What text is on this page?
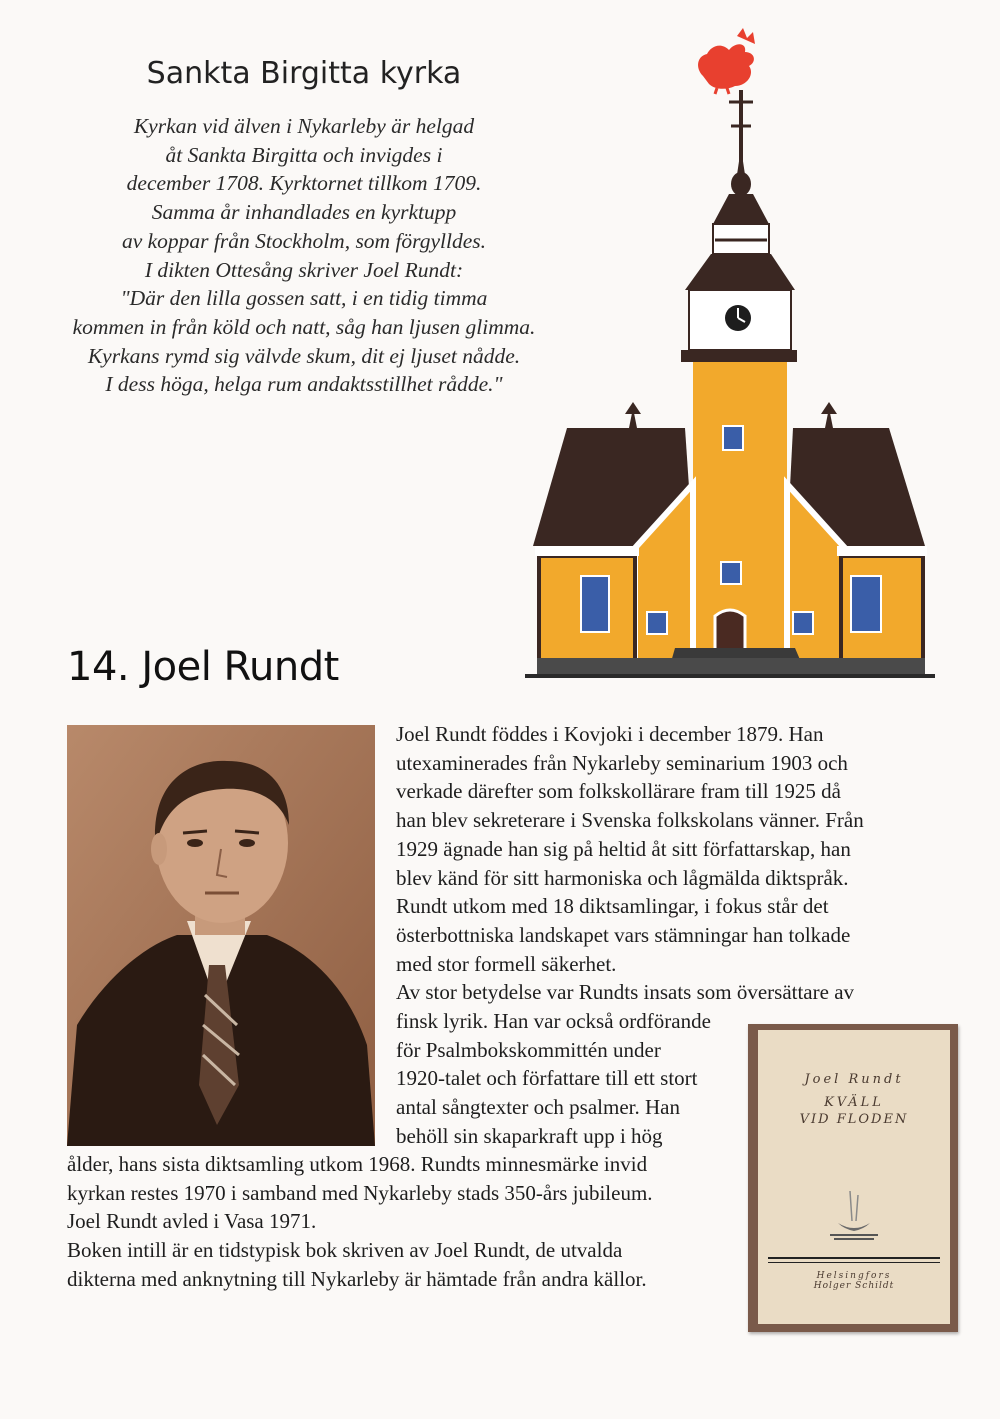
Sankta Birgitta kyrka
Kyrkan vid älven i Nykarleby är helgad
åt Sankta Birgitta och invigdes i
december 1708. Kyrktornet tillkom 1709.
Samma år inhandlades en kyrktupp
av koppar från Stockholm, som förgylldes.
I dikten Ottesång skriver Joel Rundt:
"Där den lilla gossen satt, i en tidig timma
kommen in från köld och natt, såg han ljusen glimma.
Kyrkans rymd sig välvde skum, dit ej ljuset nådde.
I dess höga, helga rum andaktsstillhet rådde."
14. Joel Rundt
Joel Rundt föddes i Kovjoki i december 1879. Han
utexaminerades från Nykarleby seminarium 1903 och
verkade därefter som folkskollärare fram till 1925 då
han blev sekreterare i Svenska folkskolans vänner. Från
1929 ägnade han sig på heltid åt sitt författarskap, han
blev känd för sitt harmoniska och lågmälda diktspråk.
Rundt utkom med 18 diktsamlingar, i fokus står det
österbottniska landskapet vars stämningar han tolkade
med stor formell säkerhet.
Av stor betydelse var Rundts insats som översättare av
finsk lyrik. Han var också ordförande
för Psalmbokskommittén under
1920-talet och författare till ett stort
antal sångtexter och psalmer. Han
behöll sin skaparkraft upp i hög
ålder, hans sista diktsamling utkom 1968. Rundts minnesmärke invid
kyrkan restes 1970 i samband med Nykarleby stads 350-års jubileum.
Joel Rundt avled i Vasa 1971.
Boken intill är en tidstypisk bok skriven av Joel Rundt, de utvalda
dikterna med anknytning till Nykarleby är hämtade från andra källor.
Joel Rundt
KVÄLL
VID FLODEN
Helsingfors
Holger Schildt
